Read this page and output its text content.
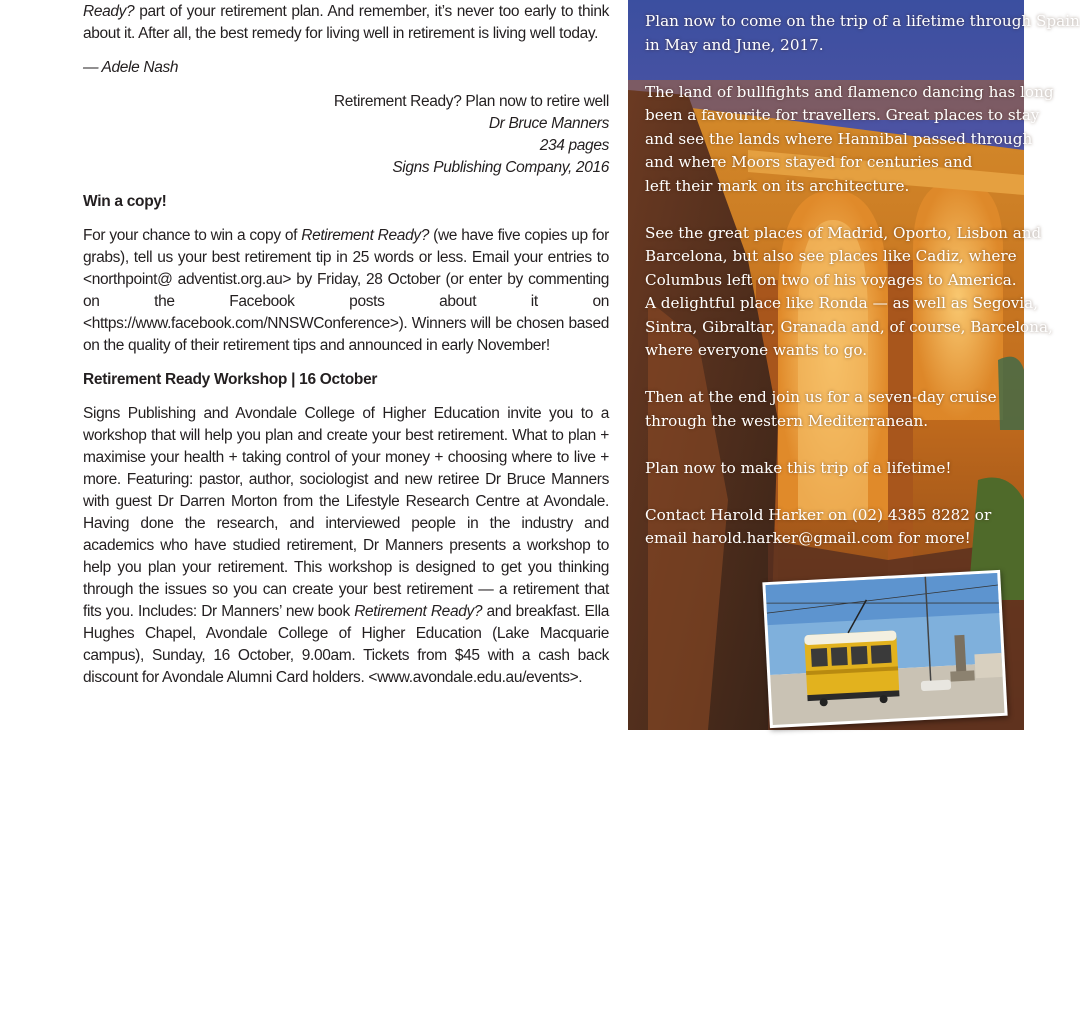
Ready? part of your retirement plan. And remember, it’s never too early to think about it. After all, the best remedy for living well in retirement is living well today.

— Adele Nash

Retirement Ready? Plan now to retire well
Dr Bruce Manners
234 pages
Signs Publishing Company, 2016

Win a copy!

For your chance to win a copy of Retirement Ready? (we have five copies up for grabs), tell us your best retirement tip in 25 words or less. Email your entries to <northpoint@ adventist.org.au> by Friday, 28 October (or enter by commenting on the Facebook posts about it on <https://www.facebook.com/NNSWConference>). Winners will be chosen based on the quality of their retirement tips and announced in early November!

Retirement Ready Workshop | 16 October

Signs Publishing and Avondale College of Higher Education invite you to a workshop that will help you plan and create your best retirement. What to plan + maximise your health + taking control of your money + choosing where to live + more. Featuring: pastor, author, sociologist and new retiree Dr Bruce Manners with guest Dr Darren Morton from the Lifestyle Research Centre at Avondale. Having done the research, and interviewed people in the industry and academics who have studied retirement, Dr Manners presents a workshop to help you plan your retirement. This workshop is designed to get you thinking through the issues so you can create your best retirement — a retirement that fits you. Includes: Dr Manners’ new book Retirement Ready? and breakfast. Ella Hughes Chapel, Avondale College of Higher Education (Lake Macquarie campus), Sunday, 16 October, 9.00am. Tickets from $45 with a cash back discount for Avondale Alumni Card holders. <www.avondale.edu.au/events>.

Plan now to come on the trip of a lifetime through Spain
in May and June, 2017.

The land of bullfights and flamenco dancing has long
been a favourite for travellers. Great places to stay
and see the lands where Hannibal passed through
and where Moors stayed for centuries and
left their mark on its architecture.

See the great places of Madrid, Oporto, Lisbon and
Barcelona, but also see places like Cadiz, where
Columbus left on two of his voyages to America.
A delightful place like Ronda — as well as Segovia,
Sintra, Gibraltar, Granada and, of course, Barcelona,
where everyone wants to go.

Then at the end join us for a seven-day cruise
through the western Mediterranean.

Plan now to make this trip of a lifetime!

Contact Harold Harker on (02) 4385 8282 or
email harold.harker@gmail.com for more!
